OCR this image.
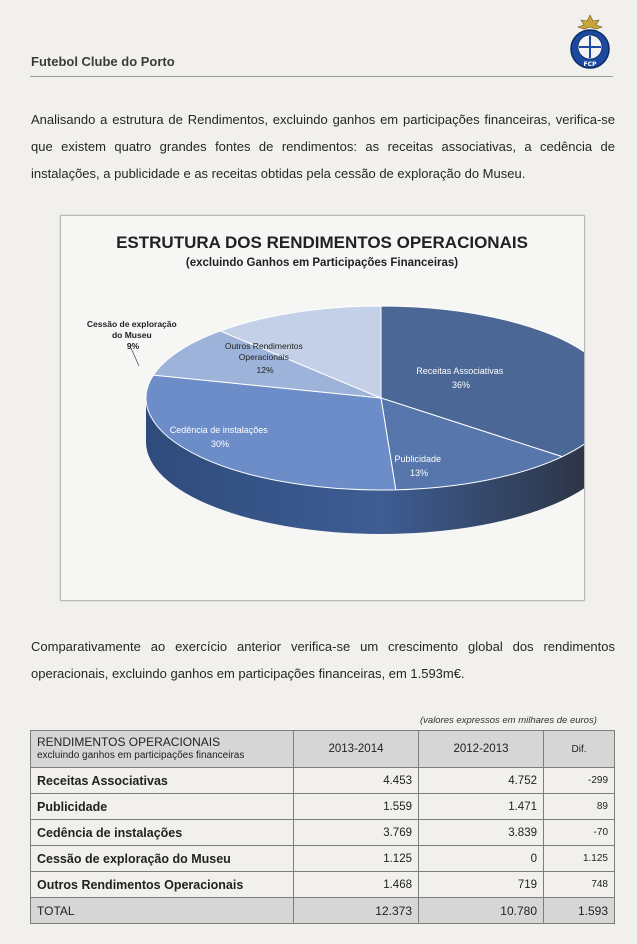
Futebol Clube do Porto	FCP
Analisando a estrutura de Rendimentos, excluindo ganhos em participações financeiras, verifica-se que existem quatro grandes fontes de rendimentos: as receitas associativas, a cedência de instalações, a publicidade e as receitas obtidas pela cessão de exploração do Museu.
ESTRUTURA DOS RENDIMENTOS OPERACIONAIS
(excluindo Ganhos em Participações Financeiras)
Receitas Associativas 36%
Publicidade 13%
Cedência de instalações 30%
Cessão de exploração do Museu 9%	Outros Rendimentos Operacionais 12%
Comparativamente ao exercício anterior verifica-se um crescimento global dos rendimentos operacionais, excluindo ganhos em participações financeiras, em 1.593m€.
(valores expressos em milhares de euros)
RENDIMENTOS OPERACIONAIS
excluindo ganhos em participações financeiras	2013-2014	2012-2013	Dif.
Receitas Associativas	4.453	4.752	-299
Publicidade	1.559	1.471	89
Cedência de instalações	3.769	3.839	-70
Cessão de exploração do Museu	1.125	0	1.125
Outros Rendimentos Operacionais	1.468	719	748
TOTAL	12.373	10.780	1.593
